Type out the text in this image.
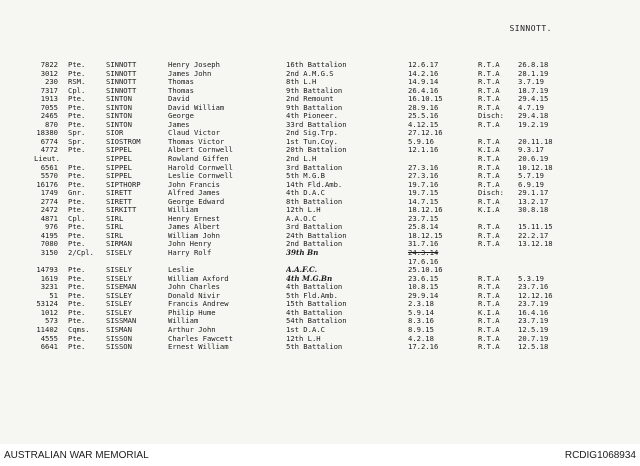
SINNOTT.
7822	Pte.	SINNOTT	Henry Joseph	16th Battalion	12.6.17	R.T.A	26.8.18
3012	Pte.	SINNOTT	James John	2nd A.M.G.S	14.2.16	R.T.A	28.1.19
230	RSM.	SINNOTT	Thomas	8th L.H	14.9.14	R.T.A	3.7.19
7317	Cpl.	SINNOTT	Thomas	9th Battalion	26.4.16	R.T.A	18.7.19
1913	Pte.	SINTON	David	2nd Remount	16.10.15	R.T.A	29.4.15
7055	Pte.	SINTON	David William	9th Battalion	28.9.16	R.T.A	4.7.19
2465	Pte.	SINTON	George	4th Pioneer.	25.5.16	Disch:	29.4.18
870	Pte.	SINTON	James	33rd Battalion	4.12.15	R.T.A	19.2.19
18380	Spr.	SIOR	Claud Victor	2nd Sig.Trp.	27.12.16
6774	Spr.	SIOSTROM	Thomas Victor	1st Tun.Coy.	5.9.16	R.T.A	20.11.18
4772	Pte.	SIPPEL	Albert Cornwell	20th Battalion	12.1.16	K.I.A	9.3.17
Lieut.	SIPPEL	Rowland Giffen	2nd L.H	R.T.A	20.6.19
6561	Pte.	SIPPEL	Harold Cornwell	3rd Battalion	27.3.16	R.T.A	10.12.18
5570	Pte.	SIPPEL	Leslie Cornwell	5th M.G.B	27.3.16	R.T.A	5.7.19
16176	Pte.	SIPTHORP	John Francis	14th Fld.Amb.	19.7.16	R.T.A	6.9.19
1749	Gnr.	SIRETT	Alfred James	4th D.A.C	19.7.15	Disch:	29.1.17
2774	Pte.	SIRETT	George Edward	8th Battalion	14.7.15	R.T.A	13.2.17
2472	Pte.	SIRKITT	William	12th L.H	18.12.16	K.I.A	30.8.18
4871	Cpl.	SIRL	Henry Ernest	A.A.O.C	23.7.15
976	Pte.	SIRL	James Albert	3rd Battalion	25.8.14	R.T.A	15.11.15
4195	Pte.	SIRL	William John	24th Battalion	18.12.15	R.T.A	22.2.17
7080	Pte.	SIRMAN	John Henry	2nd Battalion	31.7.16	R.T.A	13.12.18
3150	2/Cpl.	SISELY	Harry Rolf	39th Bn	24.3.14
17.6.16
14793	Pte.	SISELY	Leslie	A.A.F.C.	25.10.16
1619	Pte.	SISELY	William Axford	4th M.G.Bn	23.6.15	R.T.A	5.3.19
3231	Pte.	SISEMAN	John Charles	4th Battalion	10.8.15	R.T.A	23.7.16
51	Pte.	SISLEY	Donald Nivir	5th Fld.Amb.	29.9.14	R.T.A	12.12.16
53124	Pte.	SISLEY	Francis Andrew	15th Battalion	2.3.18	R.T.A	23.7.19
1012	Pte.	SISLEY	Philip Hume	4th Battalion	5.9.14	K.I.A	16.4.16
573	Pte.	SISSMAN	William	54th Battalion	8.3.16	R.T.A	23.7.19
11402	Cqms.	SISMAN	Arthur John	1st D.A.C	8.9.15	R.T.A	12.5.19
4555	Pte.	SISSON	Charles Fawcett	12th L.H	4.2.18	R.T.A	20.7.19
6641	Pte.	SISSON	Ernest William	5th Battalion	17.2.16	R.T.A	12.5.18
AUSTRALIAN WAR MEMORIAL	RCDIG1068934
